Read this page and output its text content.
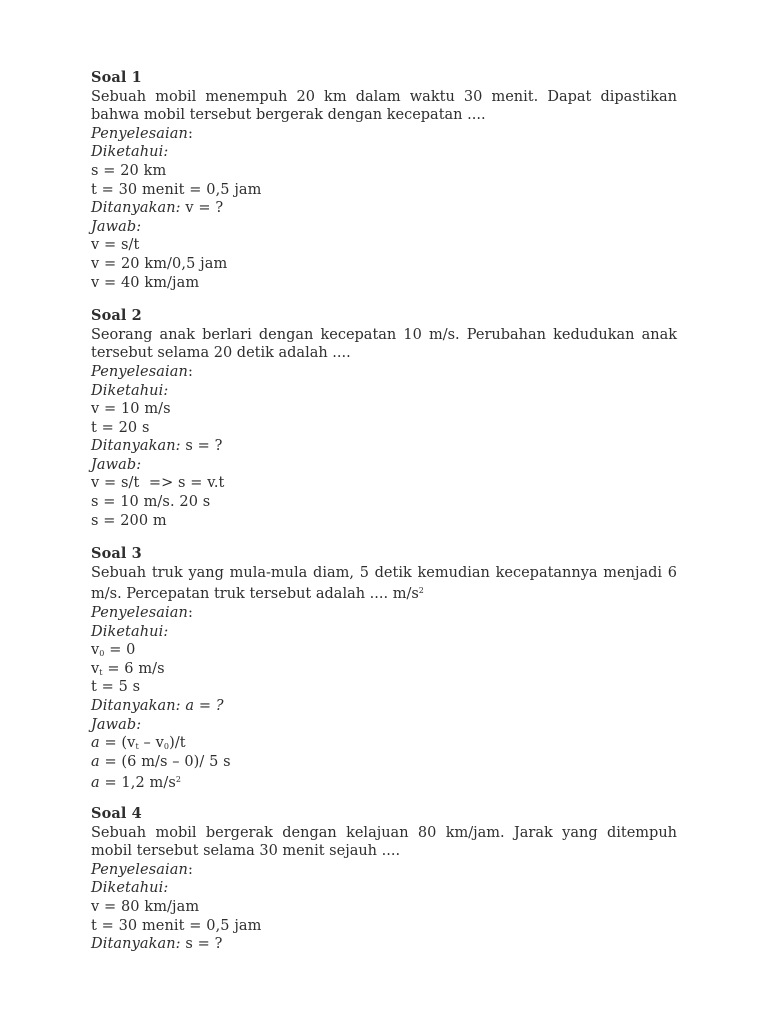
Soal 1

Sebuah mobil menempuh 20 km dalam waktu 30 menit. Dapat dipastikan bahwa mobil tersebut bergerak dengan kecepatan ....

Penyelesaian:
Diketahui:
s = 20 km
t = 30 menit = 0,5 jam
Ditanyakan: v = ?
Jawab:
v = s/t
v = 20 km/0,5 jam
v = 40 km/jam
Soal 2

Seorang anak berlari dengan kecepatan 10 m/s. Perubahan kedudukan anak tersebut selama 20 detik adalah ....

Penyelesaian:
Diketahui:
v = 10 m/s
t = 20 s
Ditanyakan: s = ?
Jawab:
v = s/t  => s = v.t
s = 10 m/s. 20 s
s = 200 m
Soal 3

Sebuah truk yang mula-mula diam, 5 detik kemudian kecepatannya menjadi 6 m/s. Percepatan truk tersebut adalah .... $m/s^2$

Penyelesaian:
Diketahui:
$v_0 = 0$
$v_t = 6$ m/s
t = 5 s
Ditanyakan: a = ?
Jawab:
$a = (v_t - v_0)/t$
a = (6 m/s – 0)/ 5 s
a = 1,2 $m/s^2$
Soal 4

Sebuah mobil bergerak dengan kelajuan 80 km/jam. Jarak yang ditempuh mobil tersebut selama 30 menit sejauh ....

Penyelesaian:
Diketahui:
v = 80 km/jam
t = 30 menit = 0,5 jam
Ditanyakan: s = ?
